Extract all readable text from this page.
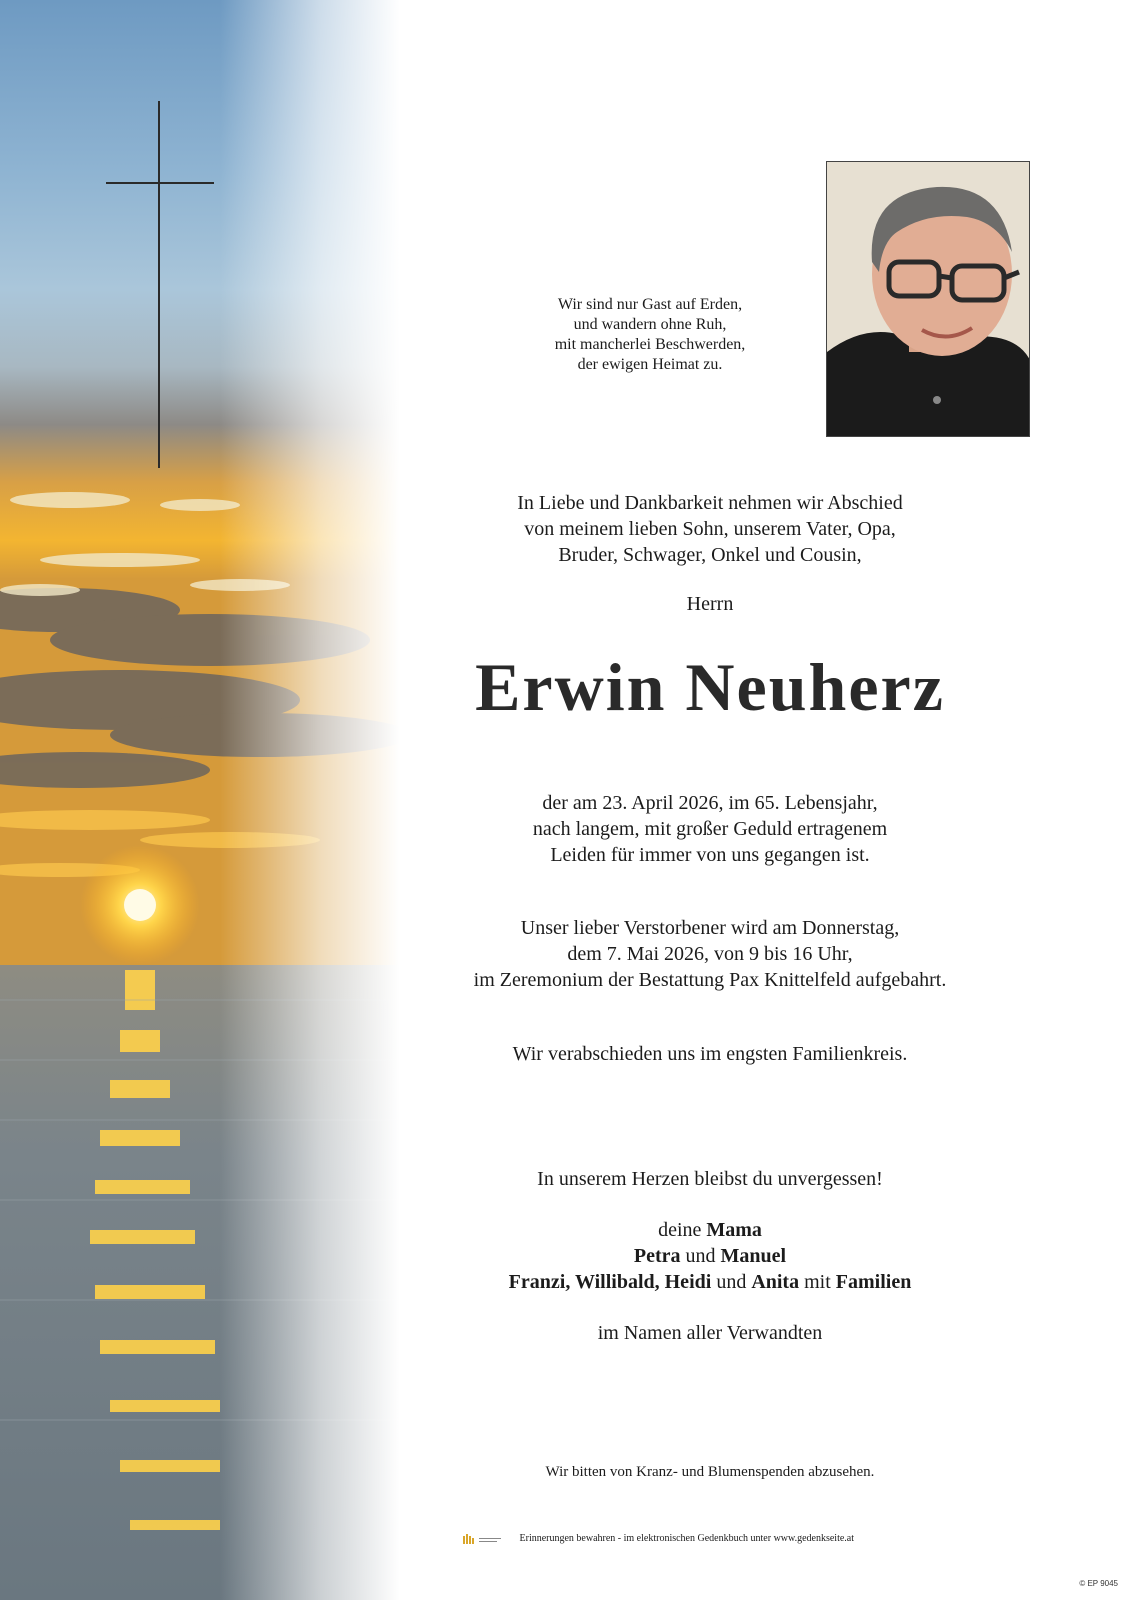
Wir sind nur Gast auf Erden,
und wandern ohne Ruh,
mit mancherlei Beschwerden,
der ewigen Heimat zu.
In Liebe und Dankbarkeit nehmen wir Abschied
von meinem lieben Sohn, unserem Vater, Opa,
Bruder, Schwager, Onkel und Cousin,
Herrn
Erwin Neuherz
der am 23. April 2026, im 65. Lebensjahr,
nach langem, mit großer Geduld ertragenem
Leiden für immer von uns gegangen ist.
Unser lieber Verstorbener wird am Donnerstag,
dem 7. Mai 2026, von 9 bis 16 Uhr,
im Zeremonium der Bestattung Pax Knittelfeld aufgebahrt.
Wir verabschieden uns im engsten Familienkreis.
In unserem Herzen bleibst du unvergessen!
deine Mama
Petra und Manuel
Franzi, Willibald, Heidi und Anita mit Familien
im Namen aller Verwandten
Wir bitten von Kranz- und Blumenspenden abzusehen.
Erinnerungen bewahren - im elektronischen Gedenkbuch unter www.gedenkseite.at
© EP 9045
